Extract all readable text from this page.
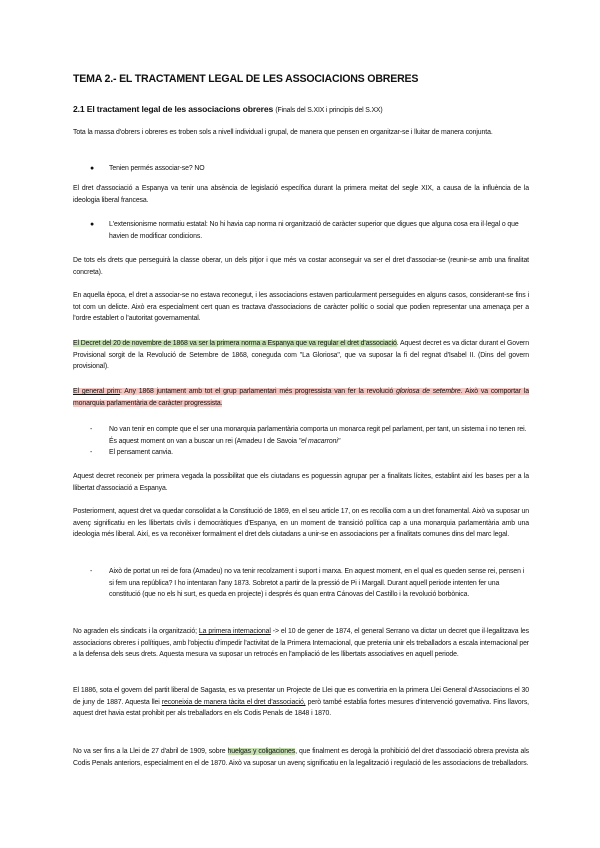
TEMA 2.- EL TRACTAMENT LEGAL DE LES ASSOCIACIONS OBRERES
2.1 El tractament legal de les associacions obreres (Finals del S.XIX i principis del S.XX)
Tota la massa d'obrers i obreres es troben sols a nivell individual i grupal, de manera que pensen en organitzar-se i lluitar de manera conjunta.
●	Tenien permés associar-se? NO
El dret d'associació a Espanya va tenir una absència de legislació específica durant la primera meitat del segle XIX, a causa de la influència de la ideologia liberal francesa.
●	L'extensionisme normatiu estatal: No hi havia cap norma ni organització de caràcter superior que digues que alguna cosa era il·legal o que havien de modificar condicions.
De tots els drets que perseguirà la classe oberar, un dels pitjor i que més va costar aconseguir va ser el dret d'associar-se (reunir-se amb una finalitat concreta).
En aquella època, el dret a associar-se no estava reconegut, i les associacions estaven particularment perseguides en alguns casos, considerant-se fins i tot com un delicte. Això era especialment cert quan es tractava d'associacions de caràcter polític o social que podien representar una amenaça per a l'ordre establert o l'autoritat governamental.
El Decret del 20 de novembre de 1868 va ser la primera norma a Espanya que va regular el dret d'associació. Aquest decret es va dictar durant el Govern Provisional sorgit de la Revolució de Setembre de 1868, coneguda com "La Gloriosa", que va suposar la fi del regnat d'Isabel II. (Dins del govern provisional).
El general prim: Any 1868 juntament amb tot el grup parlamentari més progressista van fer la revolució gloriosa de setembre. Això va comportar la monarquia parlamentària de caràcter progressista.
-	No van tenir en compte que el ser una monarquia parlamentària comporta un monarca regit pel parlament, per tant, un sistema i no tenen rei. És aquest moment on van a buscar un rei (Amadeu I de Savoia "el macarroni"
-	El pensament canvia.
Aquest decret reconeix per primera vegada la possibilitat que els ciutadans es poguessin agrupar per a finalitats lícites, establint així les bases per a la llibertat d'associació a Espanya.
Posteriorment, aquest dret va quedar consolidat a la Constitució de 1869, en el seu article 17, on es recollia com a un dret fonamental. Això va suposar un avenç significatiu en les llibertats civils i democràtiques d'Espanya, en un moment de transició política cap a una monarquia parlamentària amb una ideologia més liberal. Així, es va reconèixer formalment el dret dels ciutadans a unir-se en associacions per a finalitats comunes dins del marc legal.
-	Això de portat un rei de fora (Amadeu) no va tenir recolzament i suport i marxa. En aquest moment, en el qual es queden sense rei, pensen i si fem una república? I ho intentaran l'any 1873. Sobretot a partir de la pressió de Pi i Margall. Durant aquell periode intenten fer una constitució (que no els hi surt, es queda en projecte) i després és quan entra Cánovas del Castillo i la revolució borbònica.
No agraden els sindicats i la organització; La primera internacional -> el 10 de gener de 1874, el general Serrano va dictar un decret que il·legalitzava les associacions obreres i polítiques, amb l'objectiu d'impedir l'activitat de la Primera Internacional, que pretenia unir els treballadors a escala internacional per a la defensa dels seus drets. Aquesta mesura va suposar un retrocés en l'ampliació de les llibertats associatives en aquell periode.
El 1886, sota el govern del partit liberal de Sagasta, es va presentar un Projecte de Llei que es convertiria en la primera Llei General d'Associacions el 30 de juny de 1887. Aquesta llei reconeixia de manera tàcita el dret d'associació, però també establia fortes mesures d'intervenció governativa. Fins llavors, aquest dret havia estat prohibit per als treballadors en els Codis Penals de 1848 i 1870.
No va ser fins a la Llei de 27 d'abril de 1909, sobre huelgas y coligaciones, que finalment es derogà la prohibició del dret d'associació obrera prevista als Codis Penals anteriors, especialment en el de 1870. Això va suposar un avenç significatiu en la legalització i regulació de les associacions de treballadors.
